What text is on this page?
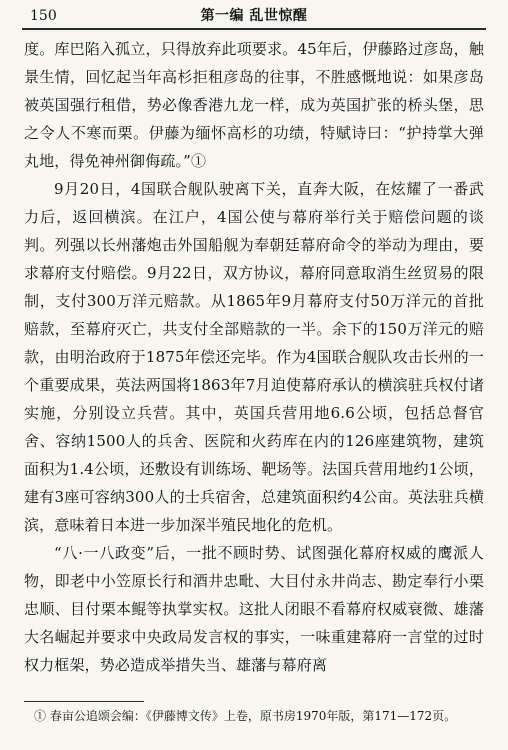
150	第一编 乱世惊醒

度。库巴陷入孤立，只得放弃此项要求。45年后，伊藤路过彦岛，触景生情，回忆起当年高杉拒租彦岛的往事，不胜感慨地说：如果彦岛被英国强行租借，势必像香港九龙一样，成为英国扩张的桥头堡，思之令人不寒而栗。伊藤为缅怀高杉的功绩，特赋诗曰：“护持掌大弹丸地，得免神州御侮疏。”①

9月20日，4国联合舰队驶离下关，直奔大阪，在炫耀了一番武力后，返回横滨。在江户，4国公使与幕府举行关于赔偿问题的谈判。列强以长州藩炮击外国船舰为奉朝廷幕府命令的举动为理由，要求幕府支付赔偿。9月22日，双方协议，幕府同意取消生丝贸易的限制，支付300万洋元赔款。从1865年9月幕府支付50万洋元的首批赔款，至幕府灭亡，共支付全部赔款的一半。余下的150万洋元的赔款，由明治政府于1875年偿还完毕。作为4国联合舰队攻击长州的一个重要成果，英法两国将1863年7月迫使幕府承认的横滨驻兵权付诸实施，分别设立兵营。其中，英国兵营用地6.6公顷，包括总督官舍、容纳1500人的兵舍、医院和火药库在内的126座建筑物，建筑面积为1.4公顷，还敷设有训练场、靶场等。法国兵营用地约1公顷，建有3座可容纳300人的士兵宿舍，总建筑面积约4公亩。英法驻兵横滨，意味着日本进一步加深半殖民地化的危机。

“八·一八政变”后，一批不顾时势、试图强化幕府权威的鹰派人物，即老中小笠原长行和酒井忠毗、大目付永井尚志、勘定奉行小栗忠顺、目付栗本鲲等执掌实权。这批人闭眼不看幕府权威衰微、雄藩大名崛起并要求中央政局发言权的事实，一味重建幕府一言堂的过时权力框架，势必造成举措失当、雄藩与幕府离

① 春亩公追颂会编：《伊藤博文传》上卷，原书房1970年版，第171—172页。
